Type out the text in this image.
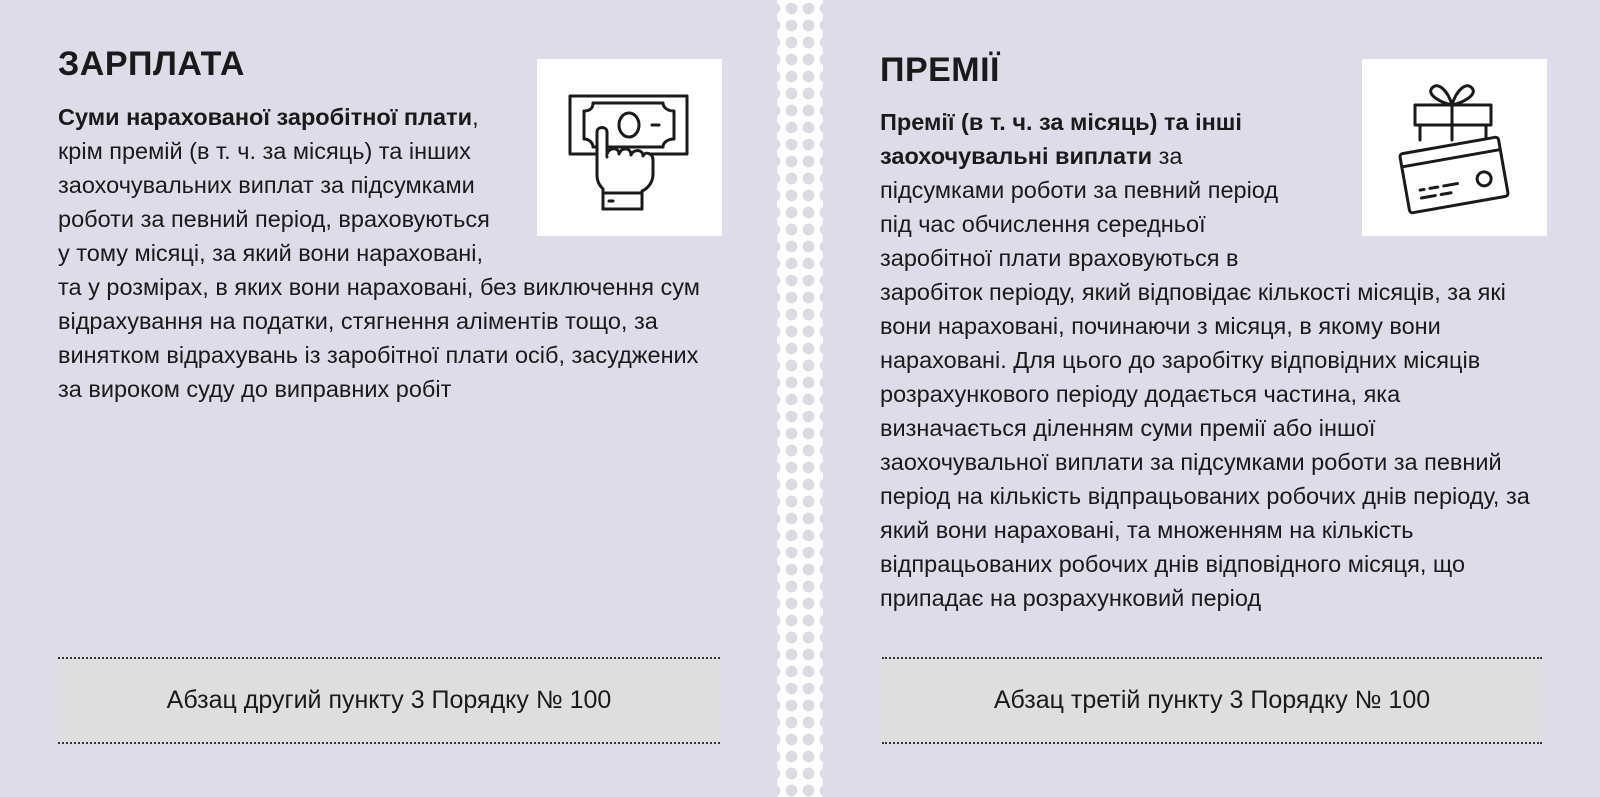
ЗАРПЛАТА

Суми нарахованої заробітної плати, крім премій (в т. ч. за місяць) та інших заохочувальних виплат за підсумками роботи за певний період, враховуються у тому місяці, за який вони нараховані, та у розмірах, в яких вони нараховані, без виключення сум відрахування на податки, стягнення аліментів тощо, за винятком відрахувань із заробітної плати осіб, засуджених за вироком суду до виправних робіт

Абзац другий пункту 3 Порядку № 100
ПРЕМІЇ

Премії (в т. ч. за місяць) та інші заохочувальні виплати за підсумками роботи за певний період під час обчислення середньої заробітної плати враховуються в заробіток періоду, який відповідає кількості місяців, за які вони нараховані, починаючи з місяця, в якому вони нараховані. Для цього до заробітку відповідних місяців розрахункового періоду додається частина, яка визначається діленням суми премії або іншої заохочувальної виплати за підсумками роботи за певний період на кількість відпрацьованих робочих днів періоду, за який вони нараховані, та множенням на кількість відпрацьованих робочих днів відповідного місяця, що припадає на розрахунковий період

Абзац третій пункту 3 Порядку № 100
